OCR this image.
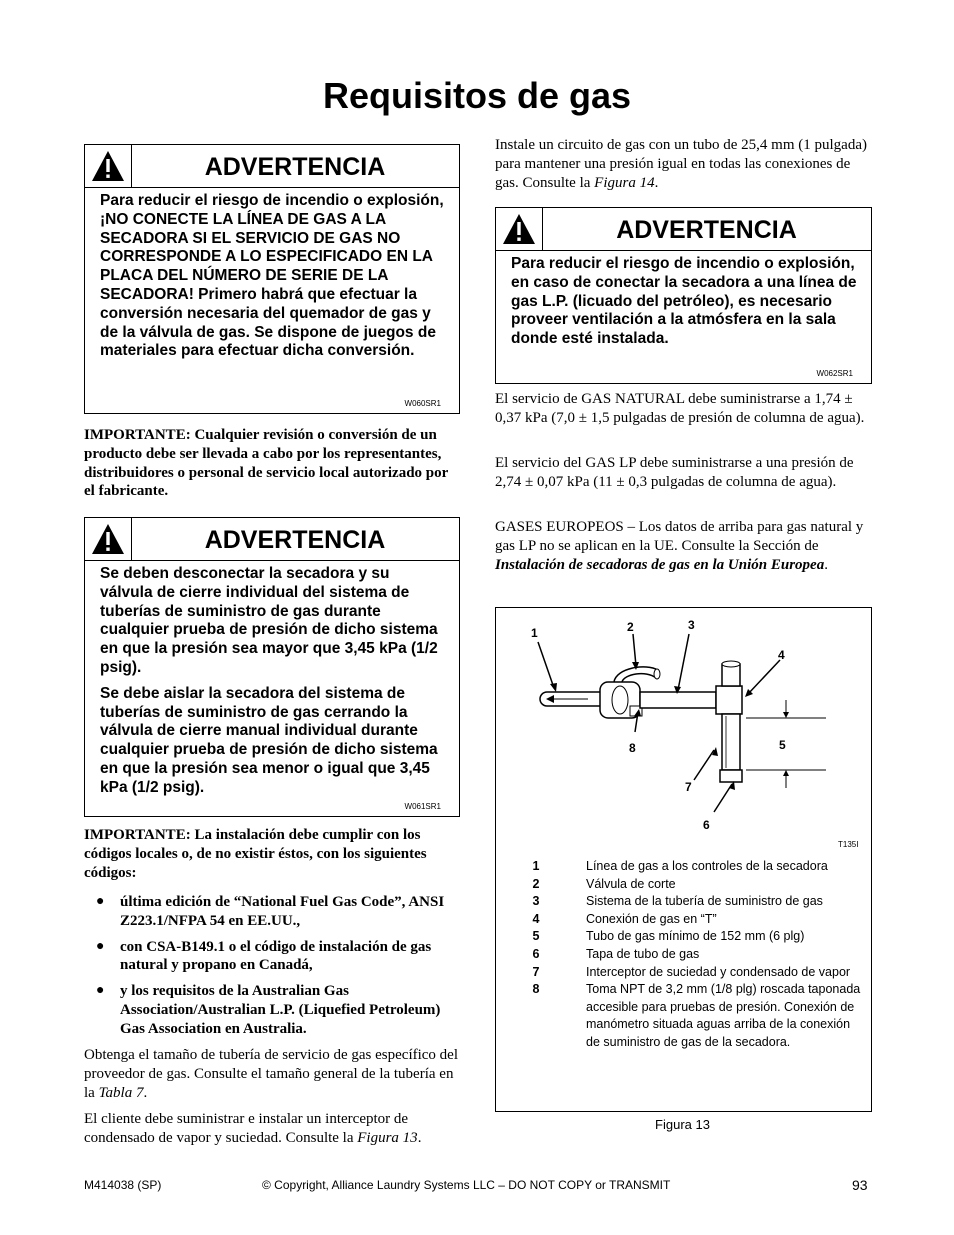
Requisitos de gas
ADVERTENCIA

Para reducir el riesgo de incendio o explosión, ¡NO CONECTE LA LÍNEA DE GAS A LA SECADORA SI EL SERVICIO DE GAS NO CORRESPONDE A LO ESPECIFICADO EN LA PLACA DEL NÚMERO DE SERIE DE LA SECADORA! Primero habrá que efectuar la conversión necesaria del quemador de gas y de la válvula de gas. Se dispone de juegos de materiales para efectuar dicha conversión.

W060SR1

IMPORTANTE: Cualquier revisión o conversión de un producto debe ser llevada a cabo por los representantes, distribuidores o personal de servicio local autorizado por el fabricante.

ADVERTENCIA

Se deben desconectar la secadora y su válvula de cierre individual del sistema de tuberías de suministro de gas durante cualquier prueba de presión de dicho sistema en que la presión sea mayor que 3,45 kPa (1/2 psig).

Se debe aislar la secadora del sistema de tuberías de suministro de gas cerrando la válvula de cierre manual individual durante cualquier prueba de presión de dicho sistema en que la presión sea menor o igual que 3,45 kPa (1/2 psig).

W061SR1

IMPORTANTE: La instalación debe cumplir con los códigos locales o, de no existir éstos, con los siguientes códigos:

● última edición de “National Fuel Gas Code”, ANSI Z223.1/NFPA 54 en EE.UU.,
● con CSA-B149.1 o el código de instalación de gas natural y propano en Canadá,
● y los requisitos de la Australian Gas Association/Australian L.P. (Liquefied Petroleum) Gas Association en Australia.

Obtenga el tamaño de tubería de servicio de gas específico del proveedor de gas. Consulte el tamaño general de la tubería en la Tabla 7.

El cliente debe suministrar e instalar un interceptor de condensado de vapor y suciedad. Consulte la Figura 13.

Instale un circuito de gas con un tubo de 25,4 mm (1 pulgada) para mantener una presión igual en todas las conexiones de gas. Consulte la Figura 14.

ADVERTENCIA

Para reducir el riesgo de incendio o explosión, en caso de conectar la secadora a una línea de gas L.P. (licuado del petróleo), es necesario proveer ventilación a la atmósfera en la sala donde esté instalada.

W062SR1

El servicio de GAS NATURAL debe suministrarse a 1,74 ± 0,37 kPa (7,0 ± 1,5 pulgadas de presión de columna de agua).

El servicio del GAS LP debe suministrarse a una presión de 2,74 ± 0,07 kPa (11 ± 0,3 pulgadas de columna de agua).

GASES EUROPEOS – Los datos de arriba para gas natural y gas LP no se aplican en la UE. Consulte la Sección de Instalación de secadoras de gas en la Unión Europea.

1	2	3
4
5
6
7
8
T135I
1	Línea de gas a los controles de la secadora
2	Válvula de corte
3	Sistema de la tubería de suministro de gas
4	Conexión de gas en “T”
5	Tubo de gas mínimo de 152 mm (6 plg)
6	Tapa de tubo de gas
7	Interceptor de suciedad y condensado de vapor
8	Toma NPT de 3,2 mm (1/8 plg) roscada taponada accesible para pruebas de presión. Conexión de manómetro situada aguas arriba de la conexión de suministro de gas de la secadora.
Figura 13
M414038 (SP)	© Copyright, Alliance Laundry Systems LLC – DO NOT COPY or TRANSMIT	93
